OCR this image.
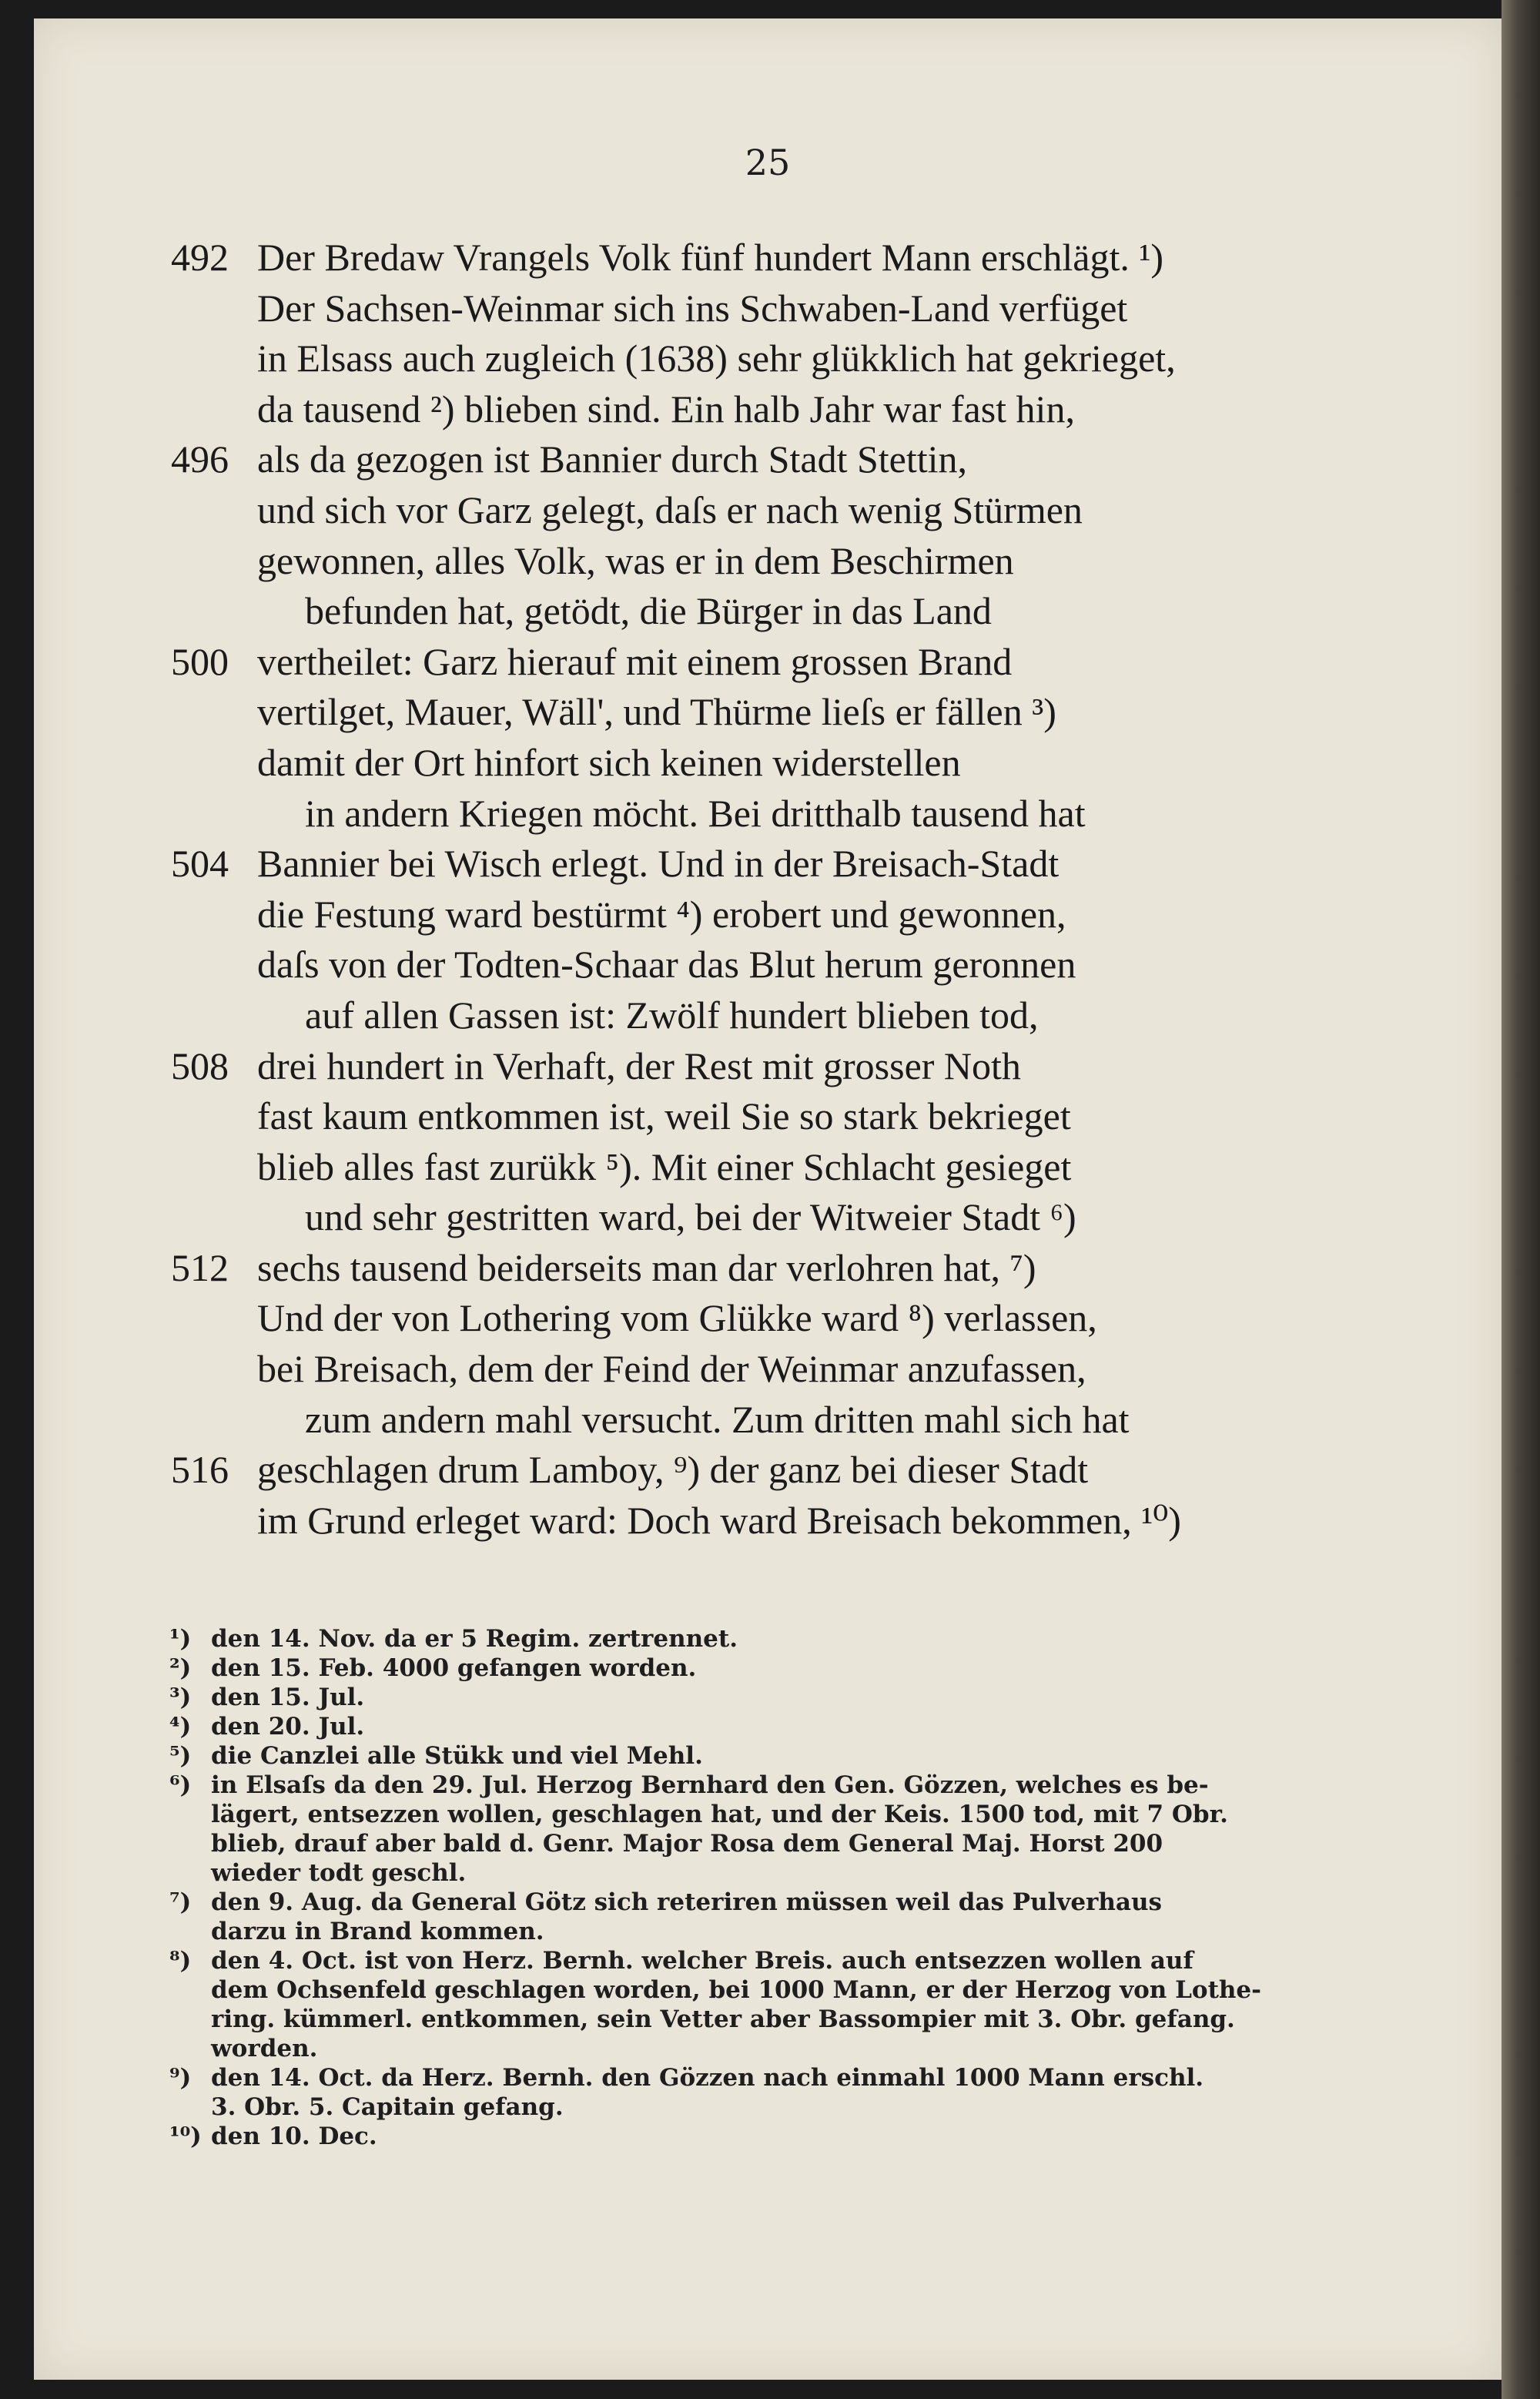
25
492 Der Bredaw Vrangels Volk fünf hundert Mann erschlägt. ¹)
Der Sachsen-Weinmar sich ins Schwaben-Land verfüget
in Elsass auch zugleich (1638) sehr glükklich hat gekrieget,
da tausend ²) blieben sind. Ein halb Jahr war fast hin,
496 als da gezogen ist Bannier durch Stadt Stettin,
und sich vor Garz gelegt, daſs er nach wenig Stürmen
gewonnen, alles Volk, was er in dem Beschirmen
befunden hat, getödt, die Bürger in das Land
500 vertheilet: Garz hierauf mit einem grossen Brand
vertilget, Mauer, Wäll', und Thürme lieſs er fällen ³)
damit der Ort hinfort sich keinen widerstellen
in andern Kriegen möcht. Bei dritthalb tausend hat
504 Bannier bei Wisch erlegt. Und in der Breisach-Stadt
die Festung ward bestürmt ⁴) erobert und gewonnen,
daſs von der Todten-Schaar das Blut herum geronnen
auf allen Gassen ist: Zwölf hundert blieben tod,
508 drei hundert in Verhaft, der Rest mit grosser Noth
fast kaum entkommen ist, weil Sie so stark bekrieget
blieb alles fast zurükk ⁵). Mit einer Schlacht gesieget
und sehr gestritten ward, bei der Witweier Stadt ⁶)
512 sechs tausend beiderseits man dar verlohren hat, ⁷)
Und der von Lothering vom Glükke ward ⁸) verlassen,
bei Breisach, dem der Feind der Weinmar anzufassen,
zum andern mahl versucht. Zum dritten mahl sich hat
516 geschlagen drum Lamboy, ⁹) der ganz bei dieser Stadt
im Grund erleget ward: Doch ward Breisach bekommen, ¹⁰)
¹) den 14. Nov. da er 5 Regim. zertrennet.
²) den 15. Feb. 4000 gefangen worden.
³) den 15. Jul.
⁴) den 20. Jul.
⁵) die Canzlei alle Stükk und viel Mehl.
⁶) in Elsaſs da den 29. Jul. Herzog Bernhard den Gen. Gözzen, welches es be-
lägert, entsezzen wollen, geschlagen hat, und der Keis. 1500 tod, mit 7 Obr.
blieb, drauf aber bald d. Genr. Major Rosa dem General Maj. Horst 200
wieder todt geschl.
⁷) den 9. Aug. da General Götz sich reteriren müssen weil das Pulverhaus
darzu in Brand kommen.
⁸) den 4. Oct. ist von Herz. Bernh. welcher Breis. auch entsezzen wollen auf
dem Ochsenfeld geschlagen worden, bei 1000 Mann, er der Herzog von Lothe-
ring. kümmerl. entkommen, sein Vetter aber Bassompier mit 3. Obr. gefang.
worden.
⁹) den 14. Oct. da Herz. Bernh. den Gözzen nach einmahl 1000 Mann erschl.
3. Obr. 5. Capitain gefang.
¹⁰) den 10. Dec.
